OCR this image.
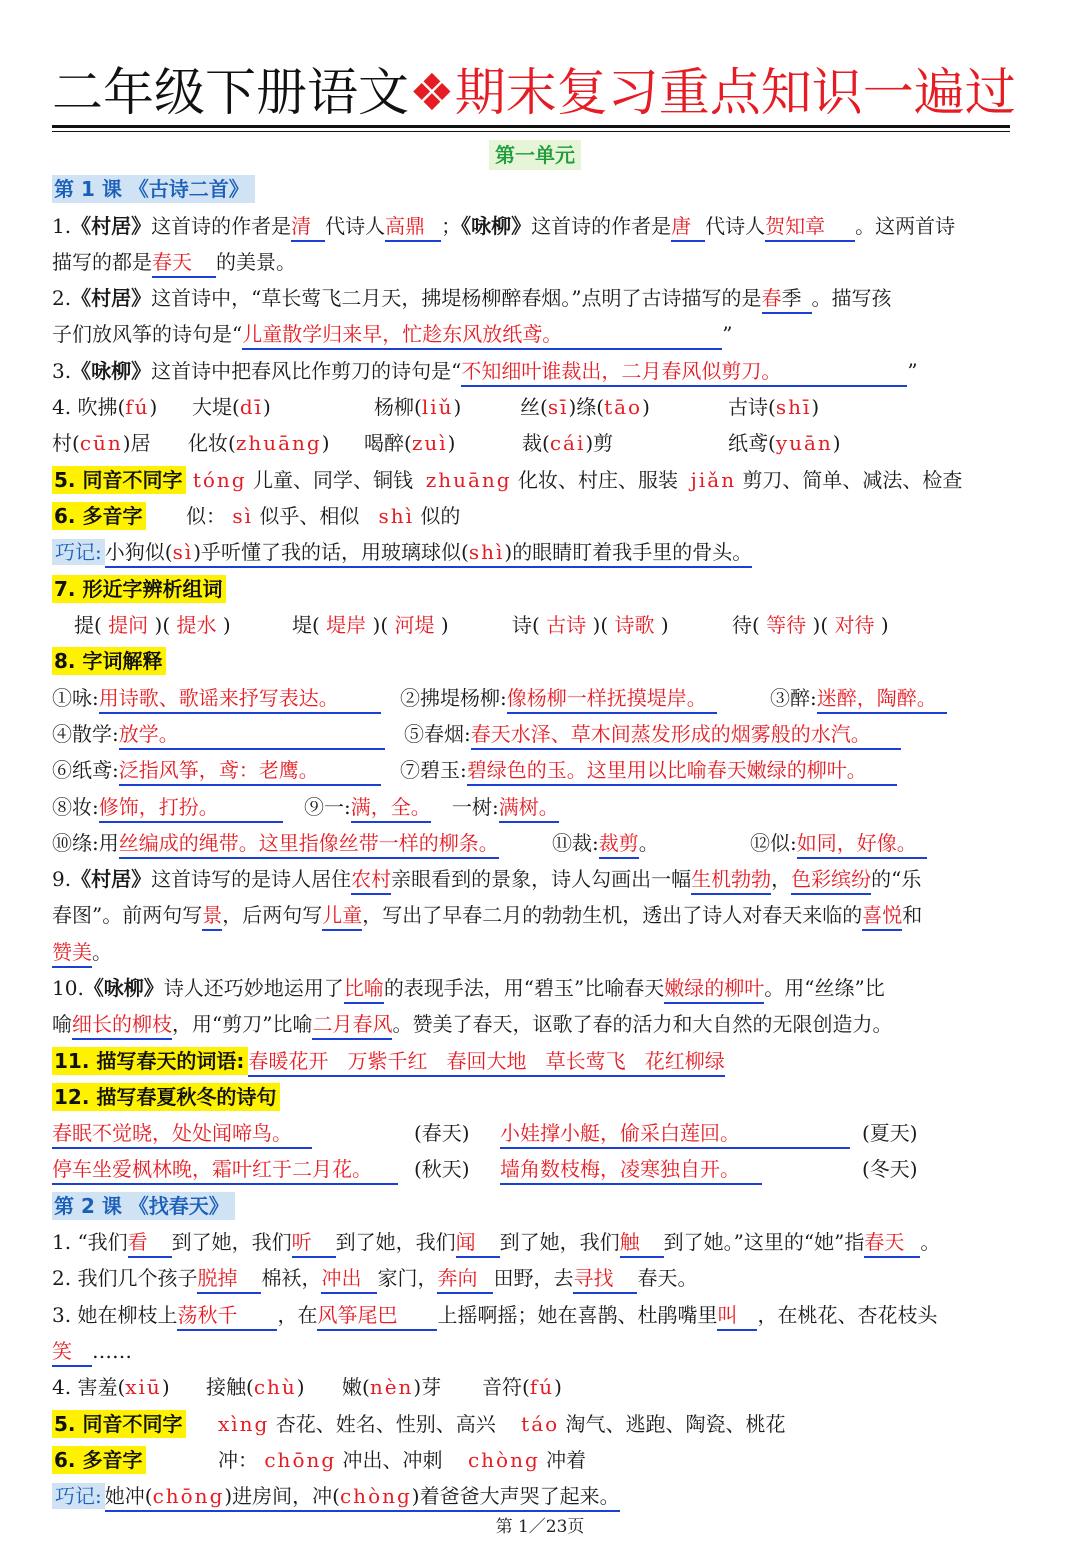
二年级下册语文❖期末复习重点知识一遍过
第一单元
第 1 课 《古诗二首》
1.《村居》这首诗的作者是清 代诗人高鼎 ；《咏柳》这首诗的作者是唐 代诗人贺知章 。这两首诗
描写的都是春天 的美景。
2.《村居》这首诗中，“草长莺飞二月天，拂堤杨柳醉春烟。”点明了古诗描写的是春季 。描写孩
子们放风筝的诗句是“儿童散学归来早，忙趁东风放纸鸢。	”
3.《咏柳》这首诗中把春风比作剪刀的诗句是“不知细叶谁裁出，二月春风似剪刀。	”
4. 吹拂(fú) 大堤(dī)	杨柳(liǔ)	丝(sī)绦(tāo)	古诗(shī)
村(cūn)居 化妆(zhuāng) 喝醉(zuì)	裁(cái)剪	纸鸢(yuān)
5. 同音不同字 tóng 儿童、同学、铜钱 zhuāng 化妆、村庄、服装 jiǎn 剪刀、简单、减法、检查
6. 多音字 似： sì 似乎、相似 shì 似的
巧记: 小狗似(sì)乎听懂了我的话，用玻璃球似(shì)的眼睛盯着我手里的骨头。
7. 形近字辨析组词
提( 提问 )( 提水 )	堤( 堤岸 )( 河堤 )	诗( 古诗 )( 诗歌 )	待( 等待 )( 对待 )
8. 字词解释
①咏:用诗歌、歌谣来抒写表达。	②拂堤杨柳:像杨柳一样抚摸堤岸。	③醉:迷醉，陶醉。
④散学:放学。	⑤春烟:春天水泽、草木间蒸发形成的烟雾般的水汽。
⑥纸鸢:泛指风筝，鸢：老鹰。	⑦碧玉:碧绿色的玉。这里用以比喻春天嫩绿的柳叶。
⑧妆:修饰，打扮。	⑨一:满，全。 一树:满树。
⑩绦:用丝编成的绳带。这里指像丝带一样的柳条。	⑪裁:裁剪。	⑫似:如同，好像。
9.《村居》这首诗写的是诗人居住农村亲眼看到的景象，诗人勾画出一幅生机勃勃，色彩缤纷的“乐
春图”。前两句写景，后两句写儿童，写出了早春二月的勃勃生机，透出了诗人对春天来临的喜悦和
赞美。
10.《咏柳》诗人还巧妙地运用了比喻的表现手法，用“碧玉”比喻春天嫩绿的柳叶。用“丝绦”比
喻细长的柳枝，用“剪刀”比喻二月春风。赞美了春天，讴歌了春的活力和大自然的无限创造力。
11. 描写春天的词语: 春暖花开 万紫千红 春回大地 草长莺飞 花红柳绿
12. 描写春夏秋冬的诗句
春眠不觉晓，处处闻啼鸟。	(春天) 小娃撑小艇，偷采白莲回。	(夏天)
停车坐爱枫林晚，霜叶红于二月花。	(秋天) 墙角数枝梅，凌寒独自开。	(冬天)
第 2 课 《找春天》
1. “我们看 到了她，我们听 到了她，我们闻 到了她，我们触 到了她。”这里的“她”指春天 。
2. 我们几个孩子脱掉 棉袄，冲出 家门，奔向 田野，去寻找 春天。
3. 她在柳枝上荡秋千 ，在风筝尾巴 上摇啊摇；她在喜鹊、杜鹃嘴里叫 ，在桃花、杏花枝头
笑 ……
4. 害羞(xiū) 接触(chù) 嫩(nèn)芽 音符(fú)
5. 同音不同字 xìng 杏花、姓名、性别、高兴 táo 淘气、逃跑、陶瓷、桃花
6. 多音字	冲： chōng 冲出、冲刺 chòng 冲着
巧记: 她冲(chōng)进房间，冲(chòng)着爸爸大声哭了起来。
第 1／23页
